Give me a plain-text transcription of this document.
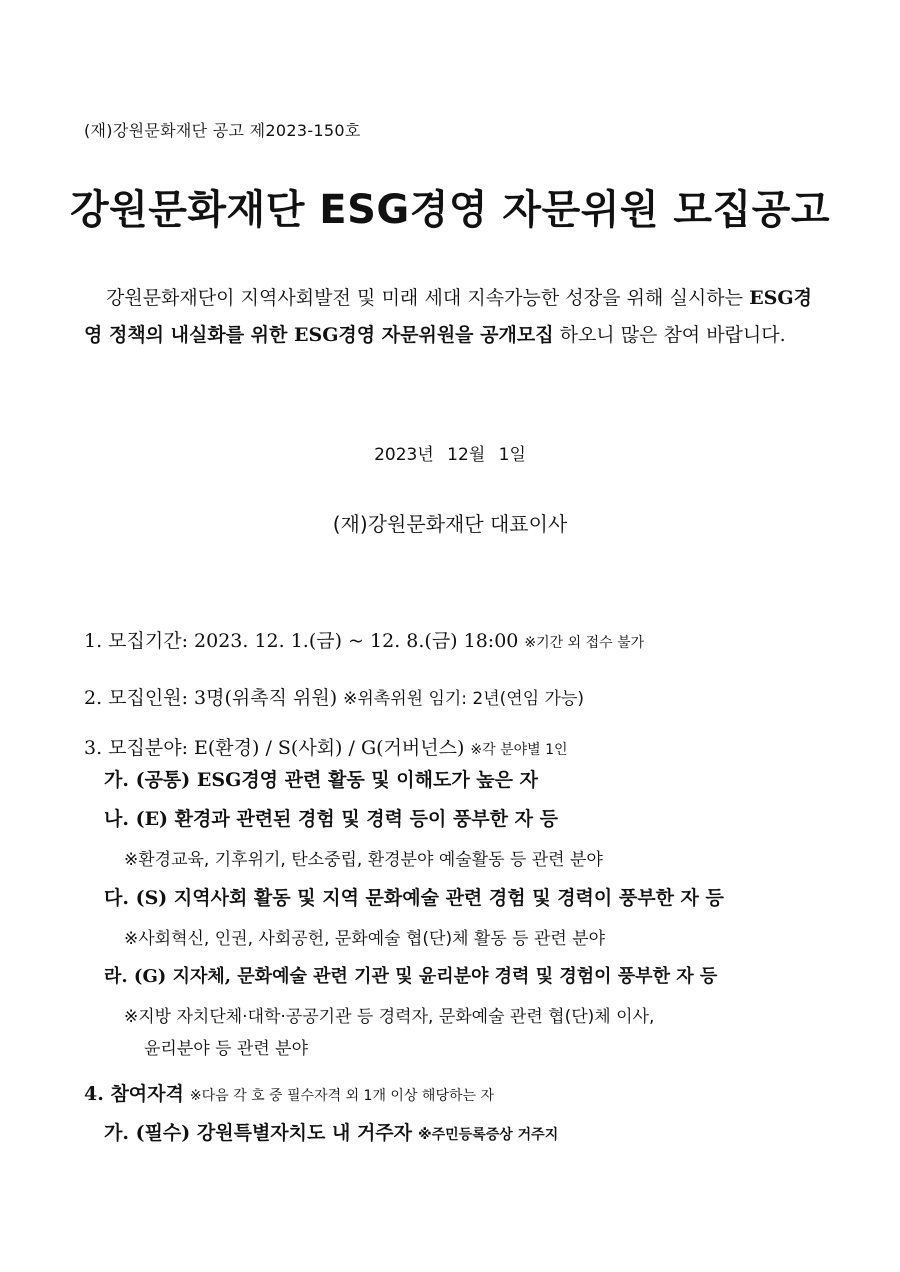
(재)강원문화재단 공고 제2023-150호
강원문화재단 ESG경영 자문위원 모집공고
강원문화재단이 지역사회발전 및 미래 세대 지속가능한 성장을 위해 실시하는 ESG경영 정책의 내실화를 위한 ESG경영 자문위원을 공개모집 하오니 많은 참여 바랍니다.
2023년 12월 1일
(재)강원문화재단 대표이사
1. 모집기간: 2023. 12. 1.(금) ~ 12. 8.(금) 18:00 ※기간 외 접수 불가
2. 모집인원: 3명(위촉직 위원) ※위촉위원 임기: 2년(연임 가능)
3. 모집분야: E(환경) / S(사회) / G(거버넌스) ※각 분야별 1인
가. (공통) ESG경영 관련 활동 및 이해도가 높은 자
나. (E) 환경과 관련된 경험 및 경력 등이 풍부한 자 등
※환경교육, 기후위기, 탄소중립, 환경분야 예술활동 등 관련 분야
다. (S) 지역사회 활동 및 지역 문화예술 관련 경험 및 경력이 풍부한 자 등
※사회혁신, 인권, 사회공헌, 문화예술 협(단)체 활동 등 관련 분야
라. (G) 지자체, 문화예술 관련 기관 및 윤리분야 경력 및 경험이 풍부한 자 등
※지방 자치단체·대학·공공기관 등 경력자, 문화예술 관련 협(단)체 이사,
윤리분야 등 관련 분야
4. 참여자격 ※다음 각 호 중 필수자격 외 1개 이상 해당하는 자
가. (필수) 강원특별자치도 내 거주자 ※주민등록증상 거주지
